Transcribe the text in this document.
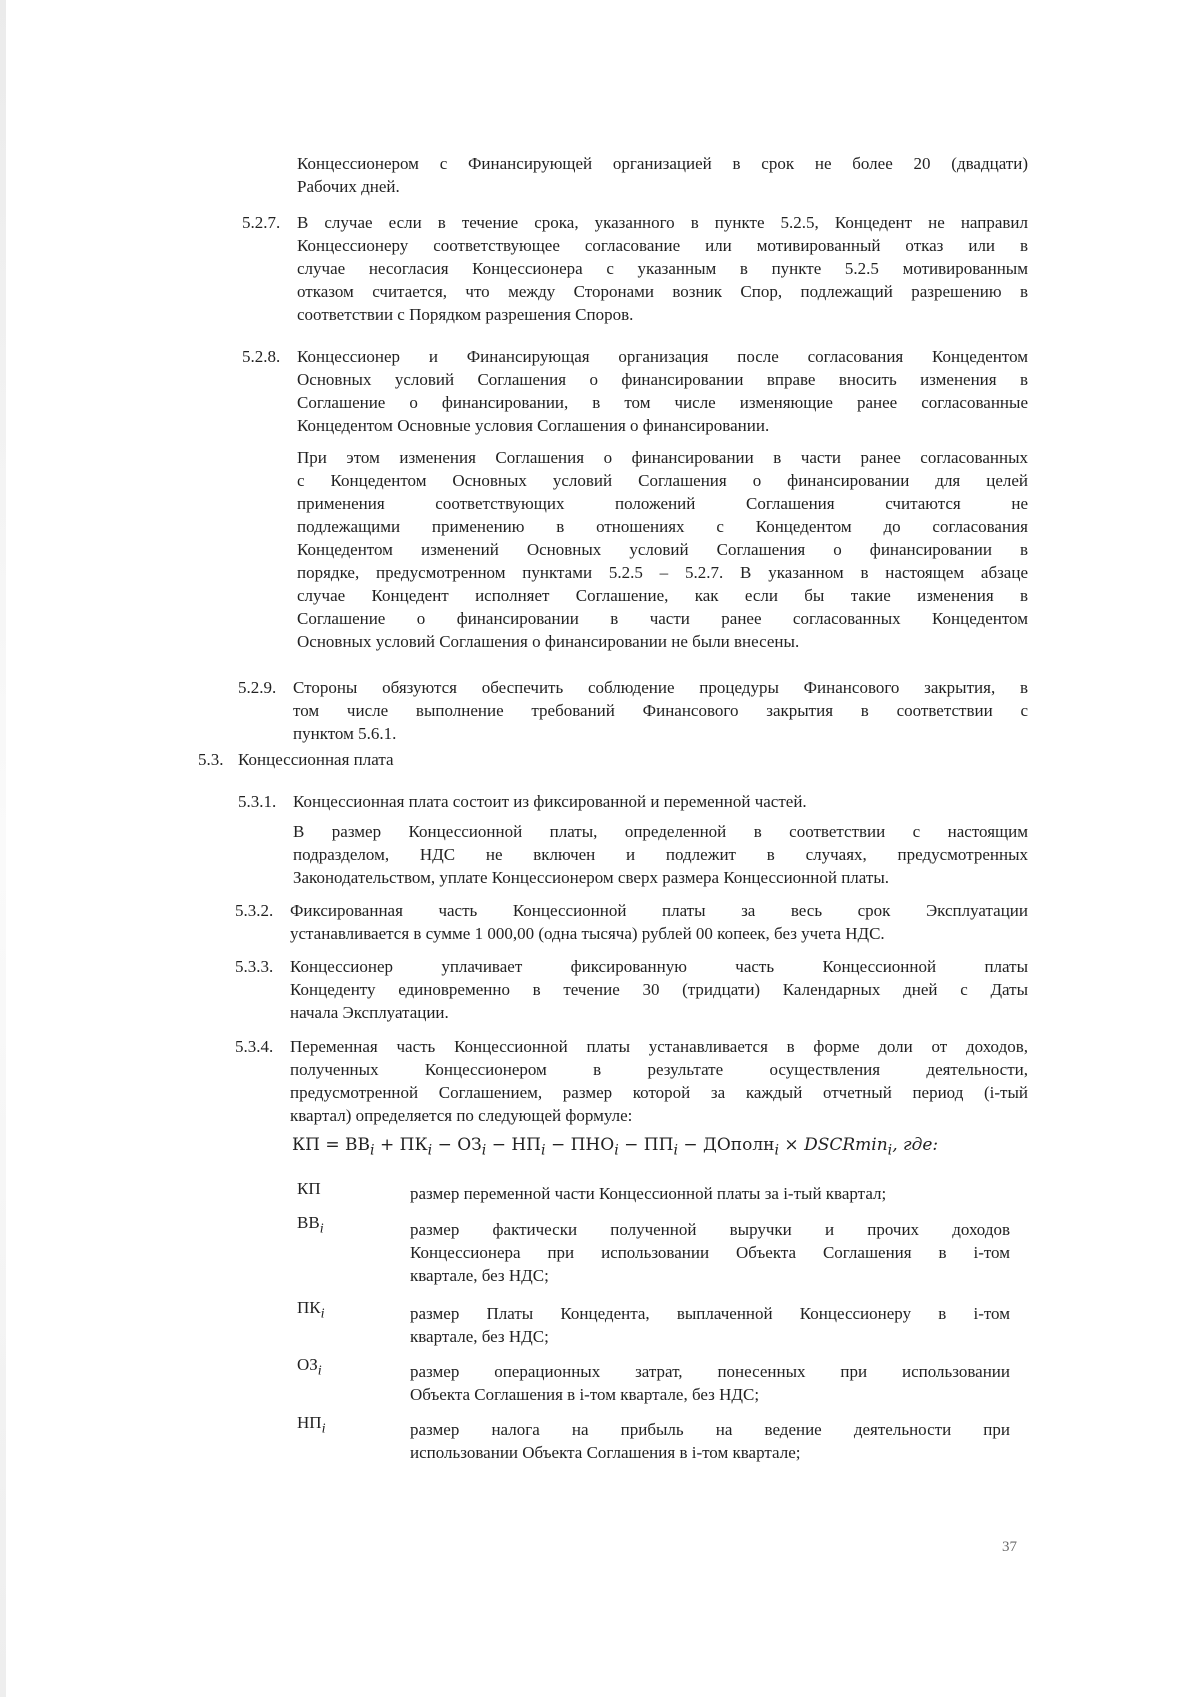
Концессионером с Финансирующей организацией в срок не более 20 (двадцати)
Рабочих дней.
5.2.7. В случае если в течение срока, указанного в пункте 5.2.5, Концедент не направил
Концессионеру соответствующее согласование или мотивированный отказ или в
случае несогласия Концессионера с указанным в пункте 5.2.5 мотивированным
отказом считается, что между Сторонами возник Спор, подлежащий разрешению в
соответствии с Порядком разрешения Споров.
5.2.8. Концессионер и Финансирующая организация после согласования Концедентом
Основных условий Соглашения о финансировании вправе вносить изменения в
Соглашение о финансировании, в том числе изменяющие ранее согласованные
Концедентом Основные условия Соглашения о финансировании.
При этом изменения Соглашения о финансировании в части ранее согласованных
с Концедентом Основных условий Соглашения о финансировании для целей
применения соответствующих положений Соглашения считаются не
подлежащими применению в отношениях с Концедентом до согласования
Концедентом изменений Основных условий Соглашения о финансировании в
порядке, предусмотренном пунктами 5.2.5 – 5.2.7. В указанном в настоящем абзаце
случае Концедент исполняет Соглашение, как если бы такие изменения в
Соглашение о финансировании в части ранее согласованных Концедентом
Основных условий Соглашения о финансировании не были внесены.
5.2.9. Стороны обязуются обеспечить соблюдение процедуры Финансового закрытия, в
том числе выполнение требований Финансового закрытия в соответствии с
пунктом 5.6.1.
5.3. Концессионная плата
5.3.1. Концессионная плата состоит из фиксированной и переменной частей.
В размер Концессионной платы, определенной в соответствии с настоящим
подразделом, НДС не включен и подлежит в случаях, предусмотренных
Законодательством, уплате Концессионером сверх размера Концессионной платы.
5.3.2. Фиксированная часть Концессионной платы за весь срок Эксплуатации
устанавливается в сумме 1 000,00 (одна тысяча) рублей 00 копеек, без учета НДС.
5.3.3. Концессионер уплачивает фиксированную часть Концессионной платы
Концеденту единовременно в течение 30 (тридцати) Календарных дней с Даты
начала Эксплуатации.
5.3.4. Переменная часть Концессионной платы устанавливается в форме доли от доходов,
полученных Концессионером в результате осуществления деятельности,
предусмотренной Соглашением, размер которой за каждый отчетный период (i-тый
квартал) определяется по следующей формуле:
КП = $ВВ_i + ПК_i - ОЗ_i - НП_i - ПНО_i - ПП_i$ − ДОполн$_i$ × DSCRmin$_i$, где:
КП	размер переменной части Концессионной платы за i-тый квартал;
$ВВ_i$	размер фактически полученной выручки и прочих доходов
Концессионера при использовании Объекта Соглашения в i-том
квартале, без НДС;
$ПК_i$	размер Платы Концедента, выплаченной Концессионеру в i-том
квартале, без НДС;
$ОЗ_i$	размер операционных затрат, понесенных при использовании
Объекта Соглашения в i-том квартале, без НДС;
$НП_i$	размер налога на прибыль на ведение деятельности при
использовании Объекта Соглашения в i-том квартале;
37
